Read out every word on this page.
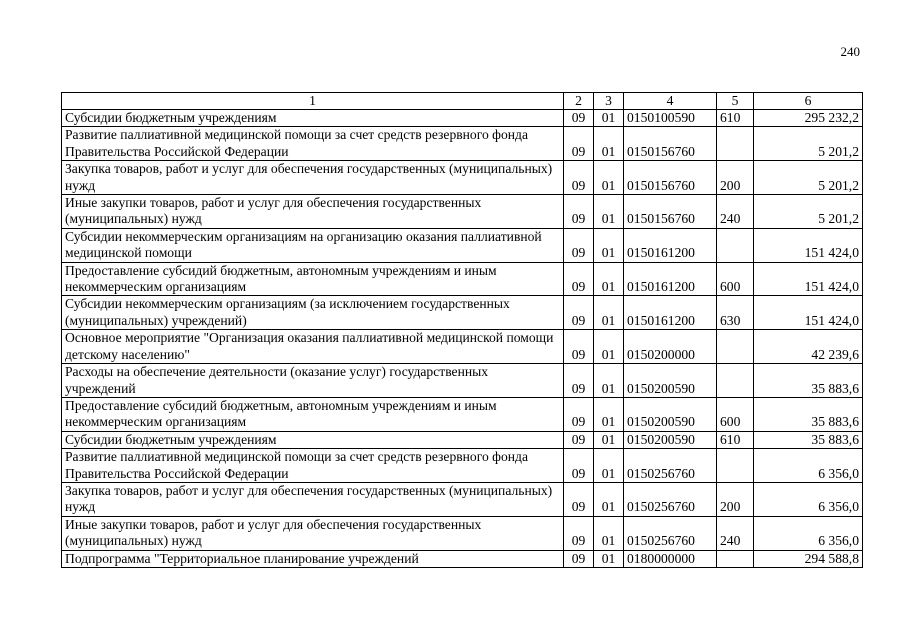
240
1	2	3	4	5	6
Субсидии бюджетным учреждениям	09	01	0150100590	610	295 232,2
Развитие паллиативной медицинской помощи за счет средств резервного фонда Правительства Российской Федерации	09	01	0150156760		5 201,2
Закупка товаров, работ и услуг для обеспечения государственных (муниципальных) нужд	09	01	0150156760	200	5 201,2
Иные закупки товаров, работ и услуг для обеспечения государственных (муниципальных) нужд	09	01	0150156760	240	5 201,2
Субсидии некоммерческим организациям на организацию оказания паллиативной медицинской помощи	09	01	0150161200		151 424,0
Предоставление субсидий бюджетным, автономным учреждениям и иным некоммерческим организациям	09	01	0150161200	600	151 424,0
Субсидии некоммерческим организациям (за исключением государственных (муниципальных) учреждений)	09	01	0150161200	630	151 424,0
Основное мероприятие "Организация оказания паллиативной медицинской помощи детскому населению"	09	01	0150200000		42 239,6
Расходы на обеспечение деятельности (оказание услуг) государственных учреждений	09	01	0150200590		35 883,6
Предоставление субсидий бюджетным, автономным учреждениям и иным некоммерческим организациям	09	01	0150200590	600	35 883,6
Субсидии бюджетным учреждениям	09	01	0150200590	610	35 883,6
Развитие паллиативной медицинской помощи за счет средств резервного фонда Правительства Российской Федерации	09	01	0150256760		6 356,0
Закупка товаров, работ и услуг для обеспечения государственных (муниципальных) нужд	09	01	0150256760	200	6 356,0
Иные закупки товаров, работ и услуг для обеспечения государственных (муниципальных) нужд	09	01	0150256760	240	6 356,0
Подпрограмма "Территориальное планирование учреждений	09	01	0180000000		294 588,8
